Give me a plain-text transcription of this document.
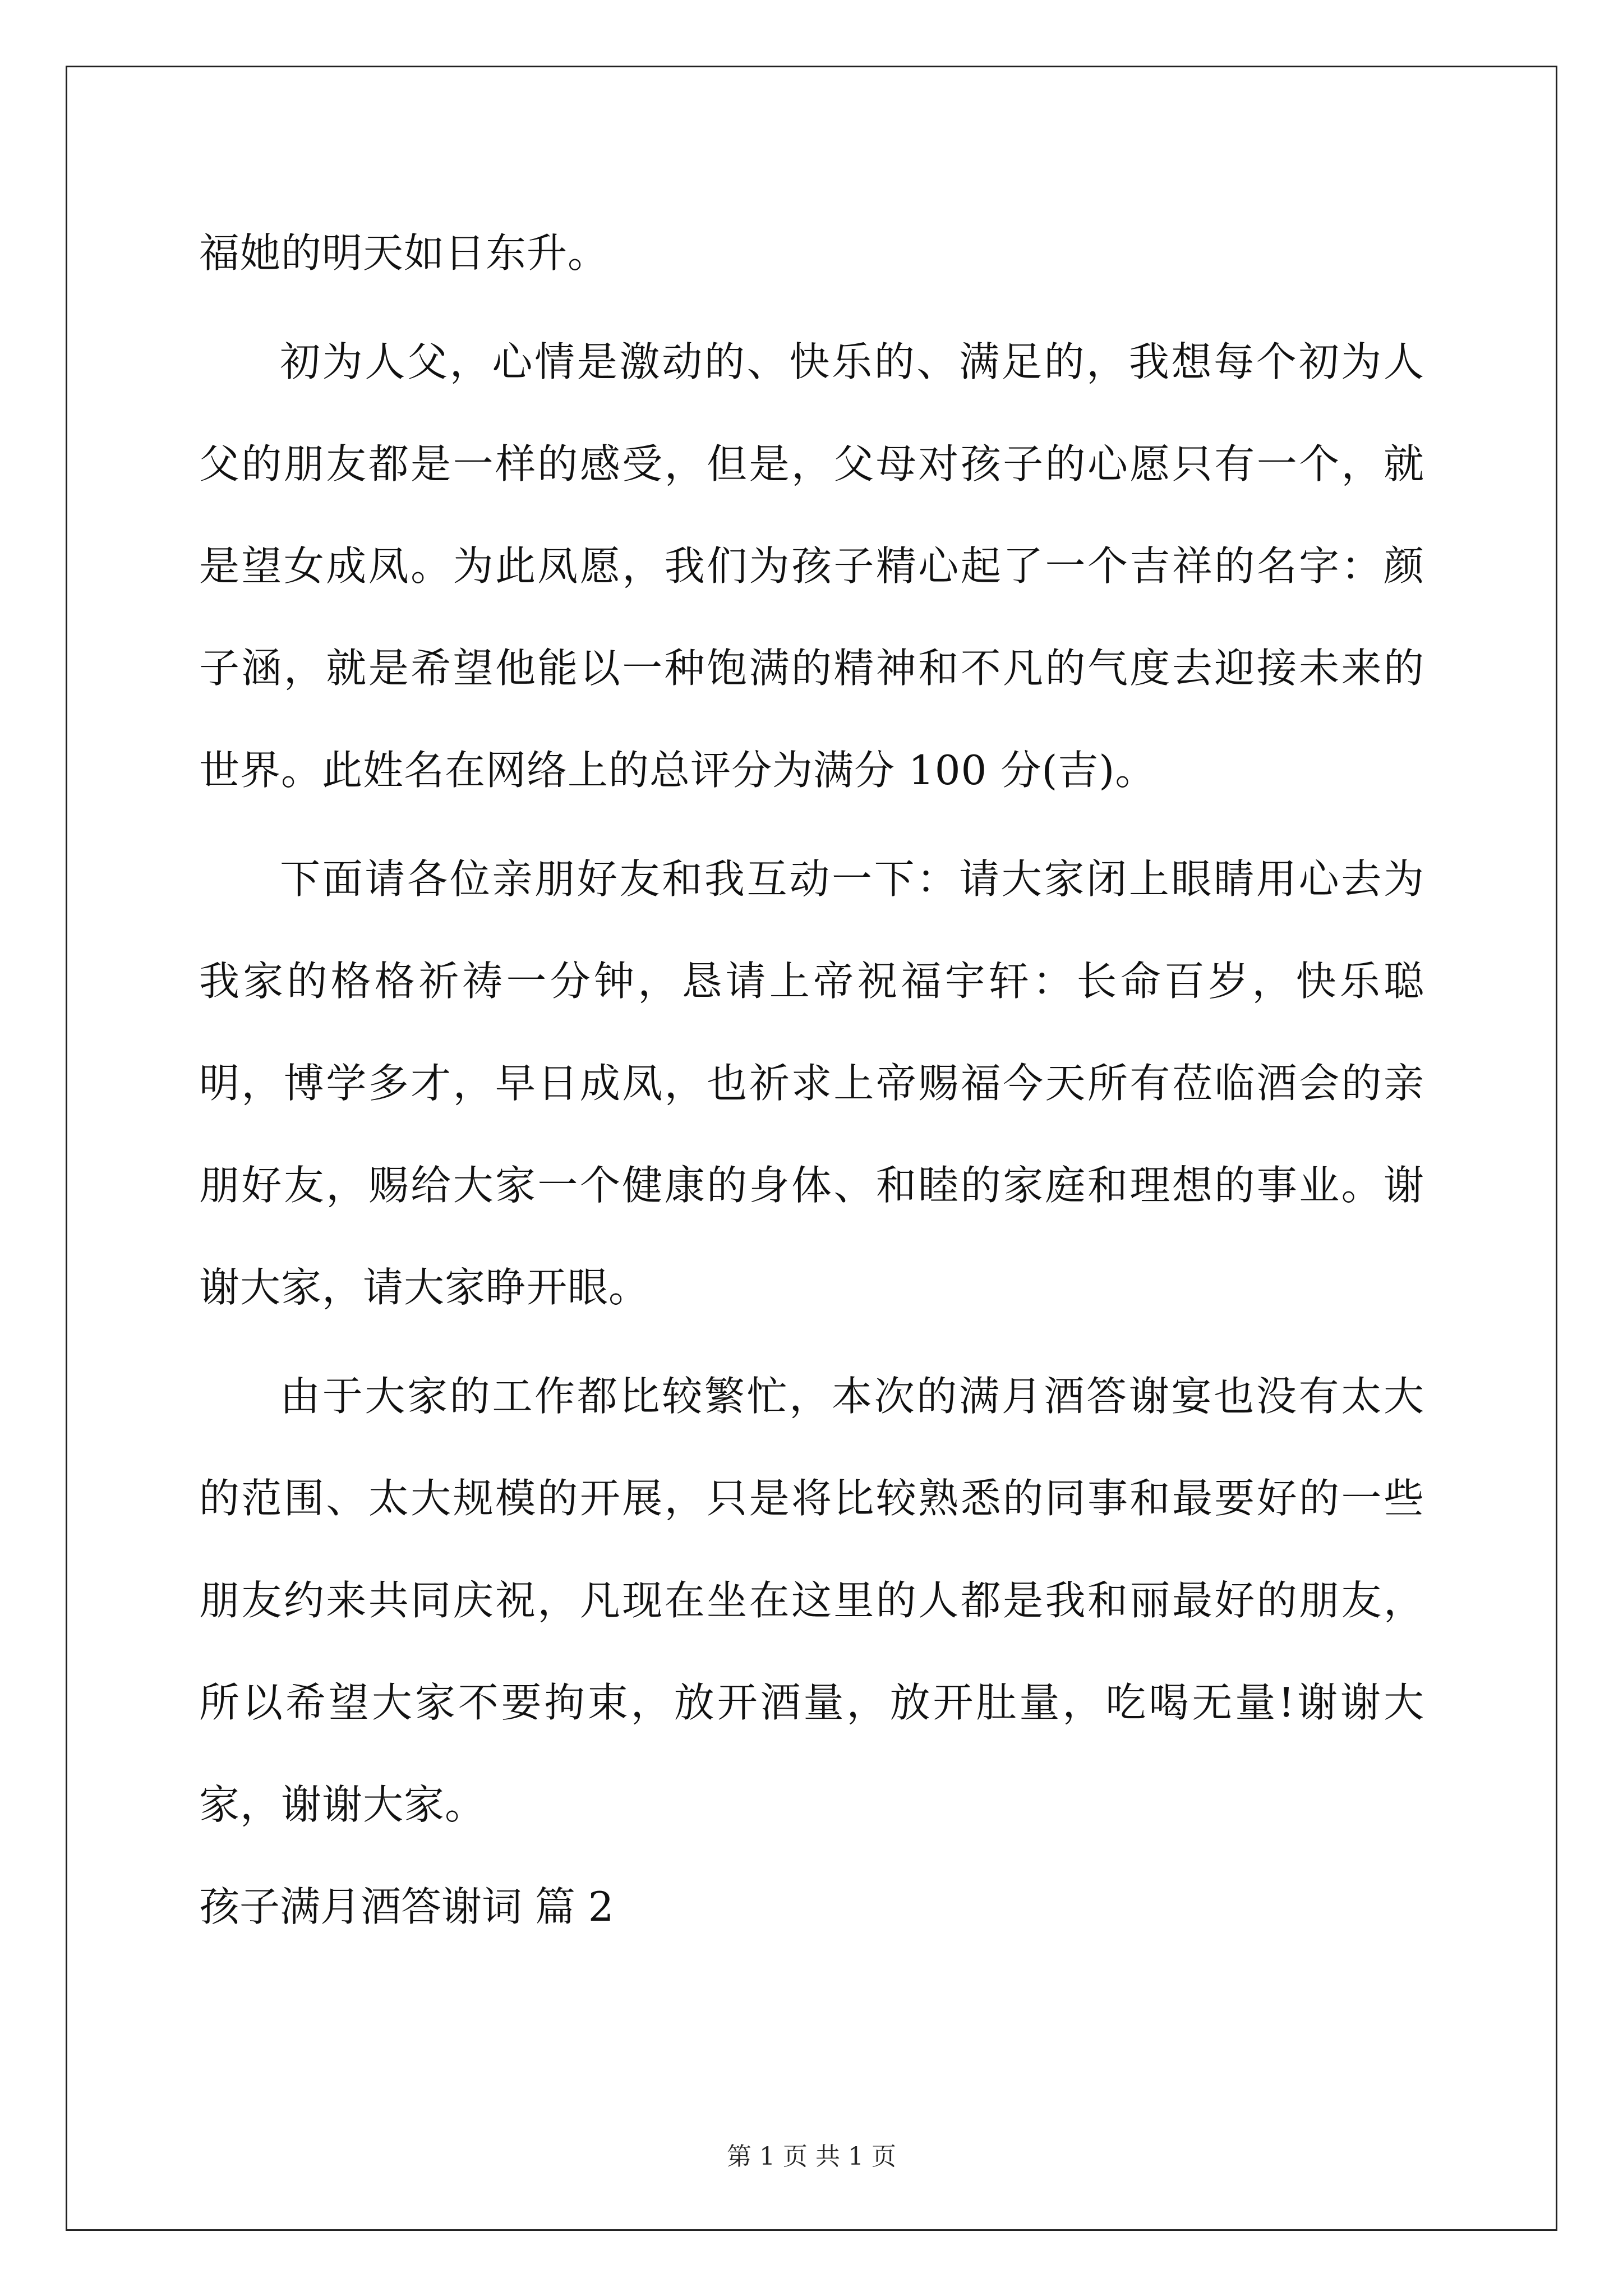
福她的明天如日东升。

初为人父，心情是激动的、快乐的、满足的，我想每个初为人父的朋友都是一样的感受，但是，父母对孩子的心愿只有一个，就是望女成凤。为此凤愿，我们为孩子精心起了一个吉祥的名字：颜子涵，就是希望他能以一种饱满的精神和不凡的气度去迎接未来的世界。此姓名在网络上的总评分为满分 100 分(吉)。

下面请各位亲朋好友和我互动一下：请大家闭上眼睛用心去为我家的格格祈祷一分钟，恳请上帝祝福宇轩：长命百岁，快乐聪明，博学多才，早日成凤，也祈求上帝赐福今天所有莅临酒会的亲朋好友，赐给大家一个健康的身体、和睦的家庭和理想的事业。谢谢大家，请大家睁开眼。

由于大家的工作都比较繁忙，本次的满月酒答谢宴也没有太大的范围、太大规模的开展，只是将比较熟悉的同事和最要好的一些朋友约来共同庆祝，凡现在坐在这里的人都是我和丽最好的朋友，所以希望大家不要拘束，放开酒量，放开肚量，吃喝无量!谢谢大家，谢谢大家。

孩子满月酒答谢词 篇 2

第 1 页 共 1 页
